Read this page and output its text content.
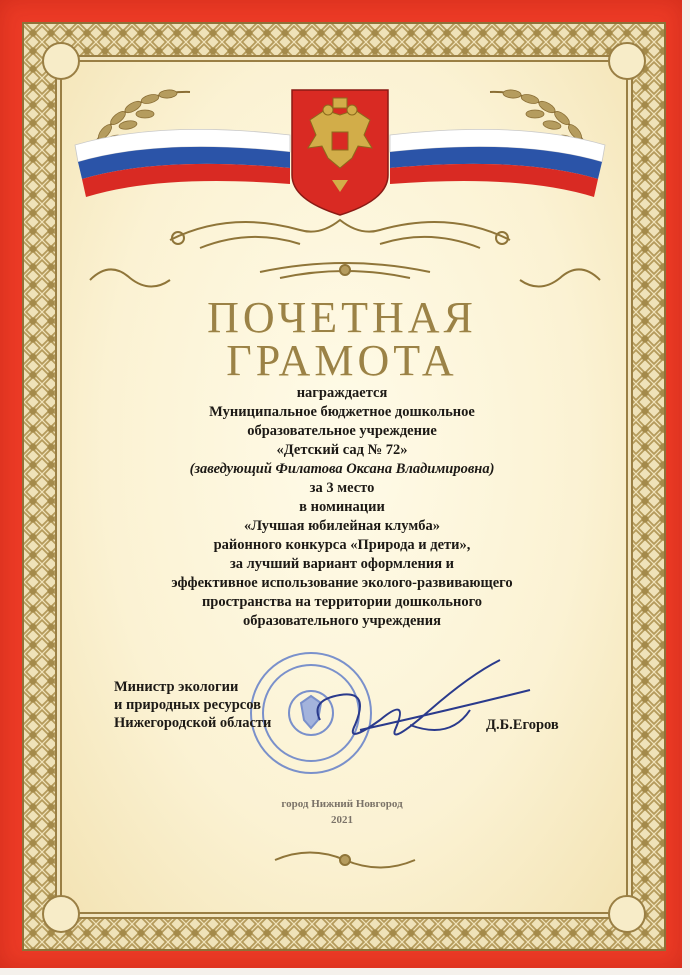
ПОЧЕТНАЯ
ГРАМОТА
награждается
Муниципальное бюджетное дошкольное
образовательное учреждение
«Детский сад № 72»
(заведующий Филатова Оксана Владимировна)
за 3 место
в номинации
«Лучшая юбилейная клумба»
районного конкурса «Природа и дети»,
за лучший вариант оформления и
эффективное использование эколого-развивающего
пространства на территории дошкольного
образовательного учреждения
Министр экологии
и природных ресурсов
Нижегородской области	Д.Б.Егоров
город Нижний Новгород
2021
